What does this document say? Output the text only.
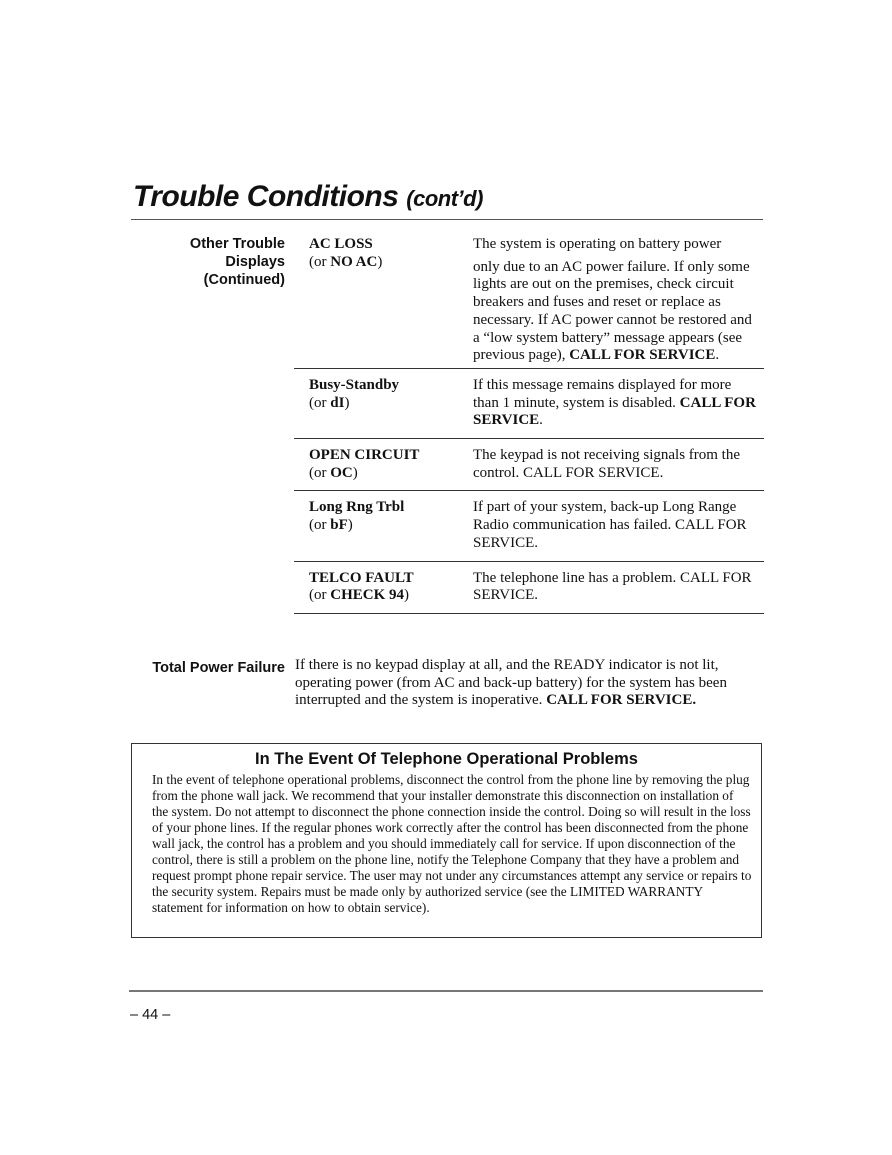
Trouble Conditions (cont’d)
Other Trouble
Displays
(Continued)
AC LOSS
(or NO AC)	The system is operating on battery power
only due to an AC power failure. If only some lights are out on the premises, check circuit breakers and fuses and reset or replace as necessary. If AC power cannot be restored and a “low system battery” message appears (see previous page), CALL FOR SERVICE.
Busy-Standby
(or dI)	If this message remains displayed for more than 1 minute, system is disabled. CALL FOR SERVICE.
OPEN CIRCUIT
(or OC)	The keypad is not receiving signals from the control. CALL FOR SERVICE.
Long Rng Trbl
(or bF)	If part of your system, back-up Long Range Radio communication has failed. CALL FOR SERVICE.
TELCO FAULT
(or CHECK 94)	The telephone line has a problem. CALL FOR SERVICE.
Total Power Failure If there is no keypad display at all, and the READY indicator is not lit, operating power (from AC and back-up battery) for the system has been interrupted and the system is inoperative. CALL FOR SERVICE.
In The Event Of Telephone Operational Problems

In the event of telephone operational problems, disconnect the control from the phone line by removing the plug from the phone wall jack. We recommend that your installer demonstrate this disconnection on installation of the system. Do not attempt to disconnect the phone connection inside the control. Doing so will result in the loss of your phone lines. If the regular phones work correctly after the control has been disconnected from the phone wall jack, the control has a problem and you should immediately call for service. If upon disconnection of the control, there is still a problem on the phone line, notify the Telephone Company that they have a problem and request prompt phone repair service. The user may not under any circumstances attempt any service or repairs to the security system. Repairs must be made only by authorized service (see the LIMITED WARRANTY statement for information on how to obtain service).

– 44 –
